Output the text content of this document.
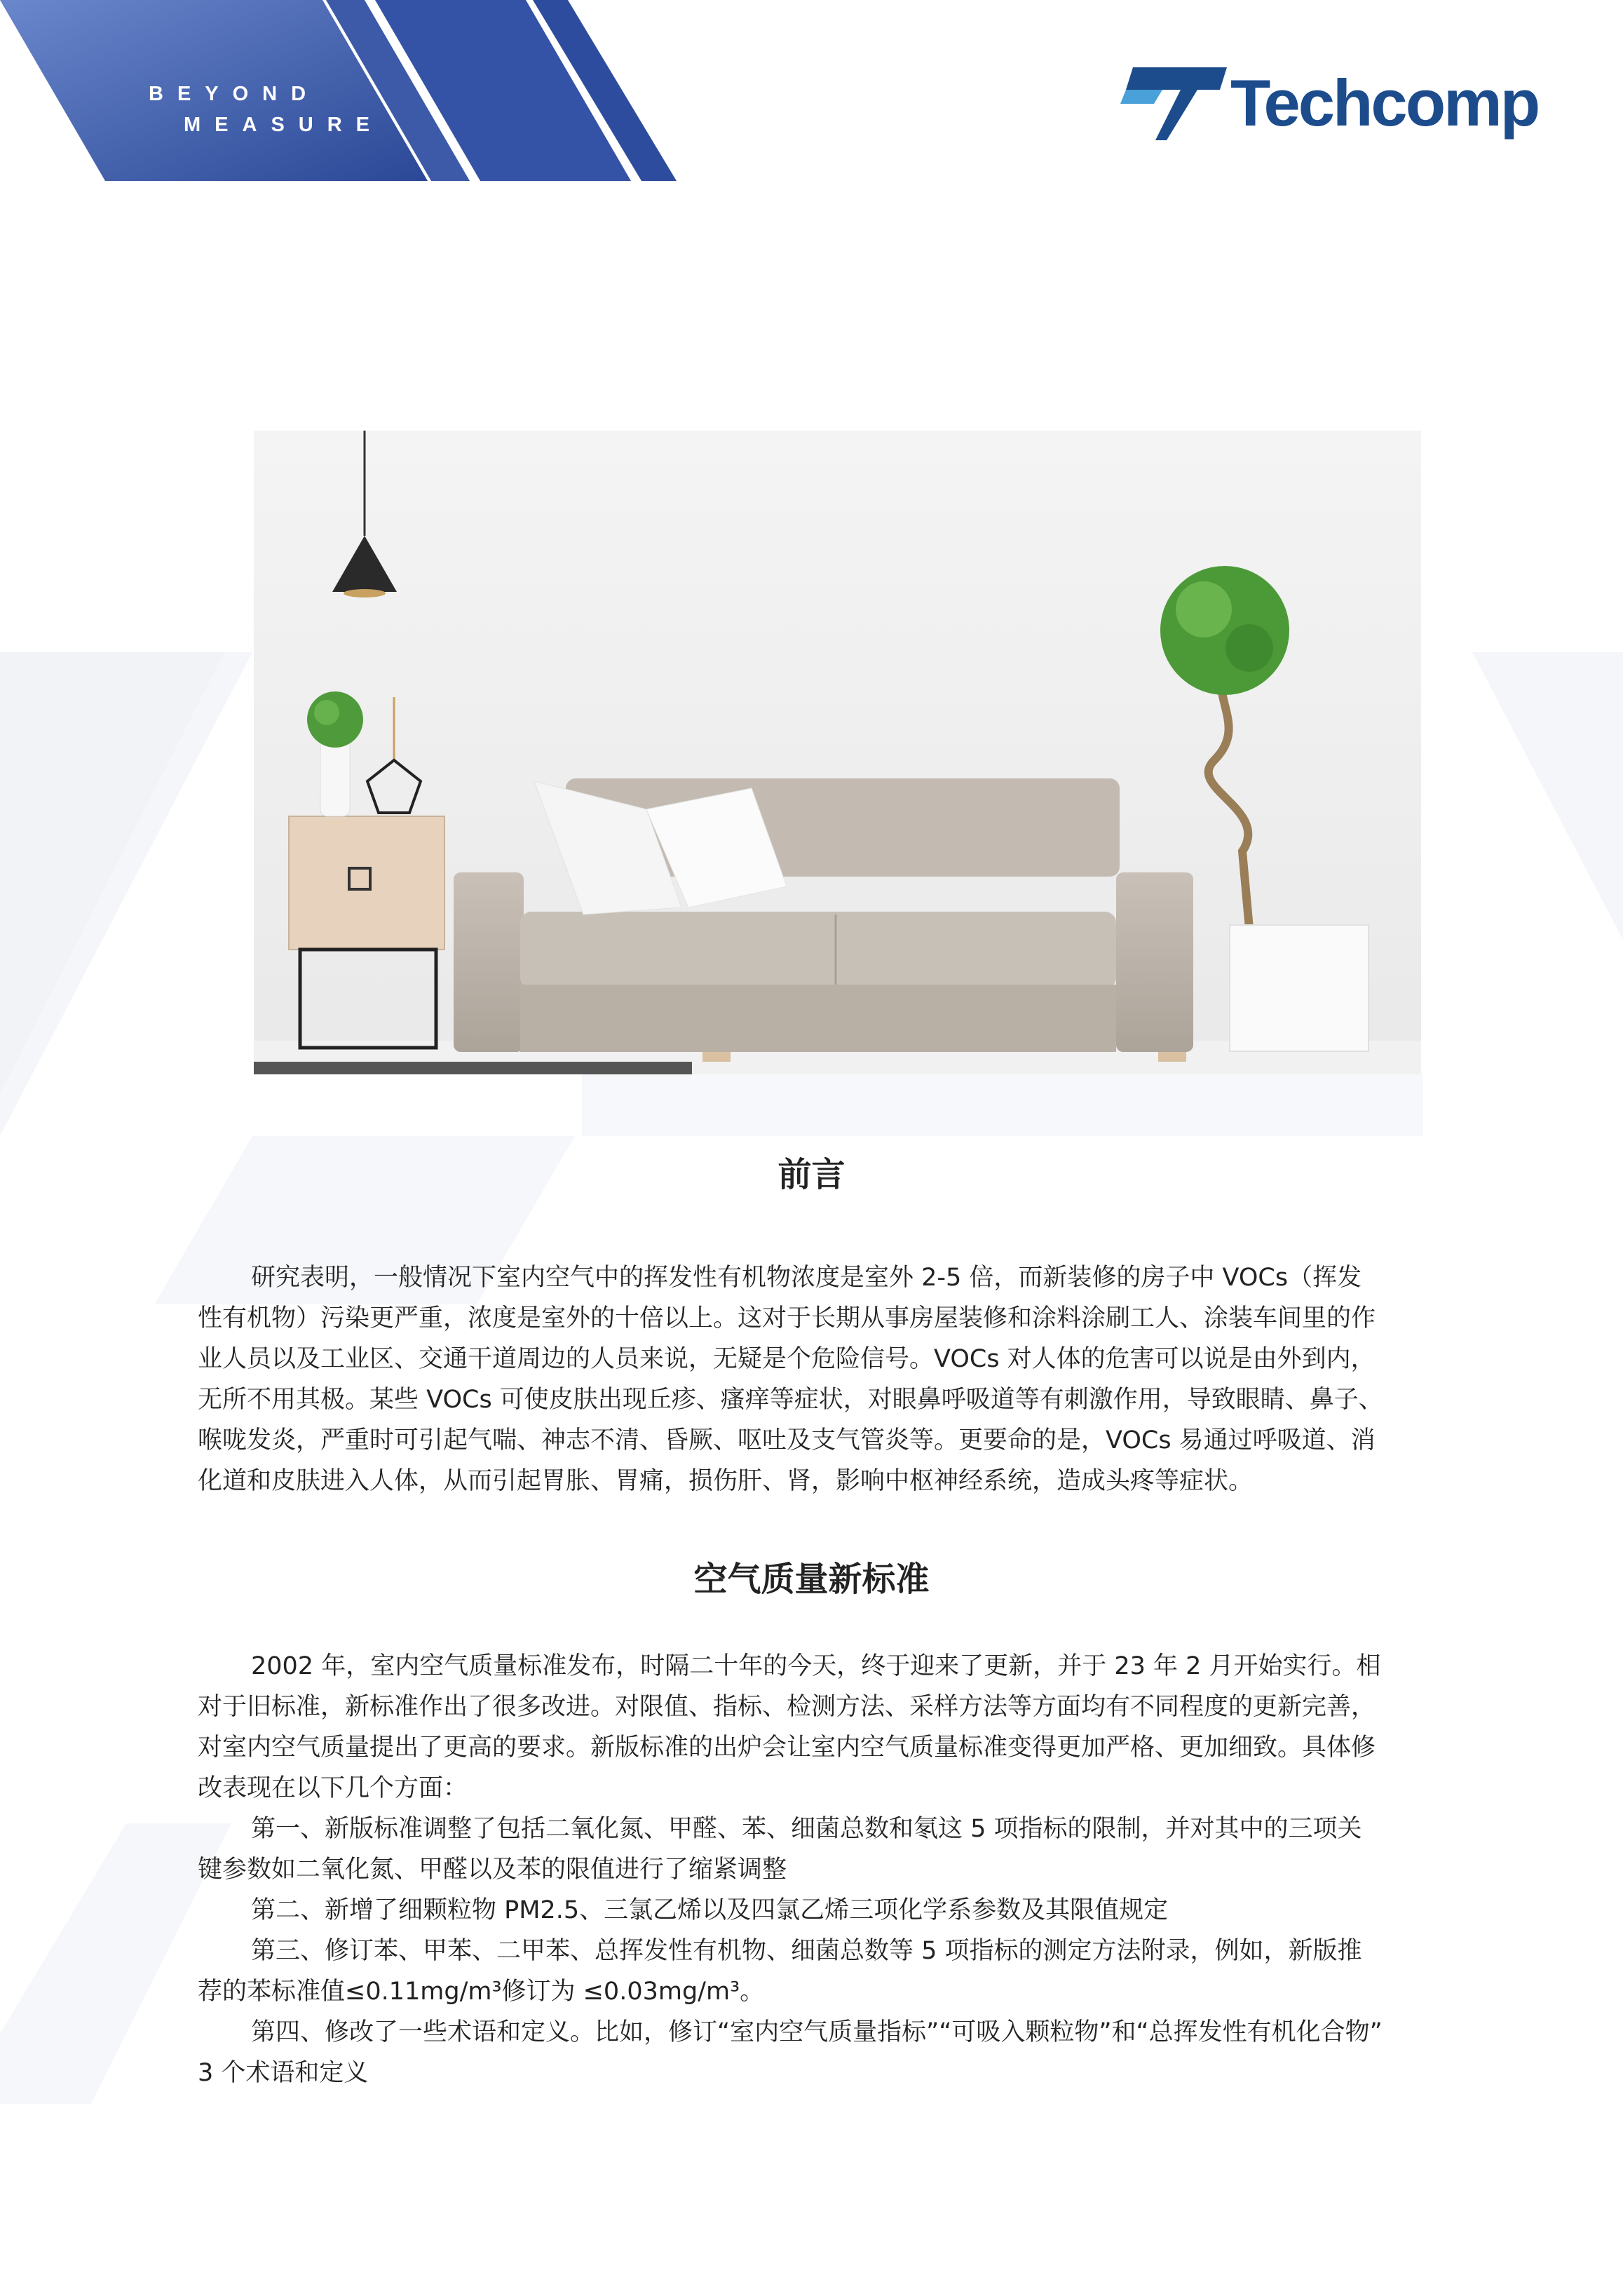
BEYOND
MEASURE	Techcomp
前言

研究表明，一般情况下室内空气中的挥发性有机物浓度是室外 2-5 倍，而新装修的房子中 VOCs（挥发
性有机物）污染更严重，浓度是室外的十倍以上。这对于长期从事房屋装修和涂料涂刷工人、涂装车间里的作
业人员以及工业区、交通干道周边的人员来说，无疑是个危险信号。VOCs 对人体的危害可以说是由外到内，
无所不用其极。某些 VOCs 可使皮肤出现丘疹、瘙痒等症状，对眼鼻呼吸道等有刺激作用，导致眼睛、鼻子、
喉咙发炎，严重时可引起气喘、神志不清、昏厥、呕吐及支气管炎等。更要命的是，VOCs 易通过呼吸道、消
化道和皮肤进入人体，从而引起胃胀、胃痛，损伤肝、肾，影响中枢神经系统，造成头疼等症状。

空气质量新标准

2002 年，室内空气质量标准发布，时隔二十年的今天，终于迎来了更新，并于 23 年 2 月开始实行。相
对于旧标准，新标准作出了很多改进。对限值、指标、检测方法、采样方法等方面均有不同程度的更新完善，
对室内空气质量提出了更高的要求。新版标准的出炉会让室内空气质量标准变得更加严格、更加细致。具体修
改表现在以下几个方面：

第一、新版标准调整了包括二氧化氮、甲醛、苯、细菌总数和氡这 5 项指标的限制，并对其中的三项关
键参数如二氧化氮、甲醛以及苯的限值进行了缩紧调整

第二、新增了细颗粒物 PM2.5、三氯乙烯以及四氯乙烯三项化学系参数及其限值规定

第三、修订苯、甲苯、二甲苯、总挥发性有机物、细菌总数等 5 项指标的测定方法附录，例如，新版推
荐的苯标准值≤0.11mg/m³修订为 ≤0.03mg/m³。

第四、修改了一些术语和定义。比如，修订“室内空气质量指标”“可吸入颗粒物”和“总挥发性有机化合物”
3 个术语和定义
